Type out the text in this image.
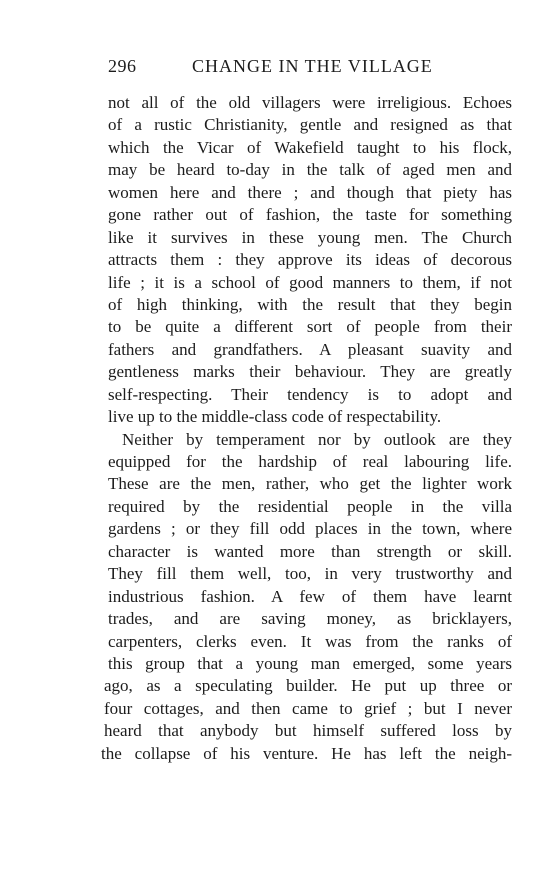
296	CHANGE IN THE VILLAGE
not all of the old villagers were irreligious. Echoes
of a rustic Christianity, gentle and resigned as that
which the Vicar of Wakefield taught to his flock,
may be heard to-day in the talk of aged men and
women here and there ; and though that piety has
gone rather out of fashion, the taste for something
like it survives in these young men. The Church
attracts them : they approve its ideas of decorous
life ; it is a school of good manners to them, if not
of high thinking, with the result that they begin
to be quite a different sort of people from their
fathers and grandfathers. A pleasant suavity and
gentleness marks their behaviour. They are greatly
self-respecting. Their tendency is to adopt and
live up to the middle-class code of respectability.
Neither by temperament nor by outlook are they
equipped for the hardship of real labouring life.
These are the men, rather, who get the lighter work
required by the residential people in the villa
gardens ; or they fill odd places in the town, where
character is wanted more than strength or skill.
They fill them well, too, in very trustworthy and
industrious fashion. A few of them have learnt
trades, and are saving money, as bricklayers,
carpenters, clerks even. It was from the ranks of
this group that a young man emerged, some years
ago, as a speculating builder. He put up three or
four cottages, and then came to grief ; but I never
heard that anybody but himself suffered loss by
the collapse of his venture. He has left the neigh-
